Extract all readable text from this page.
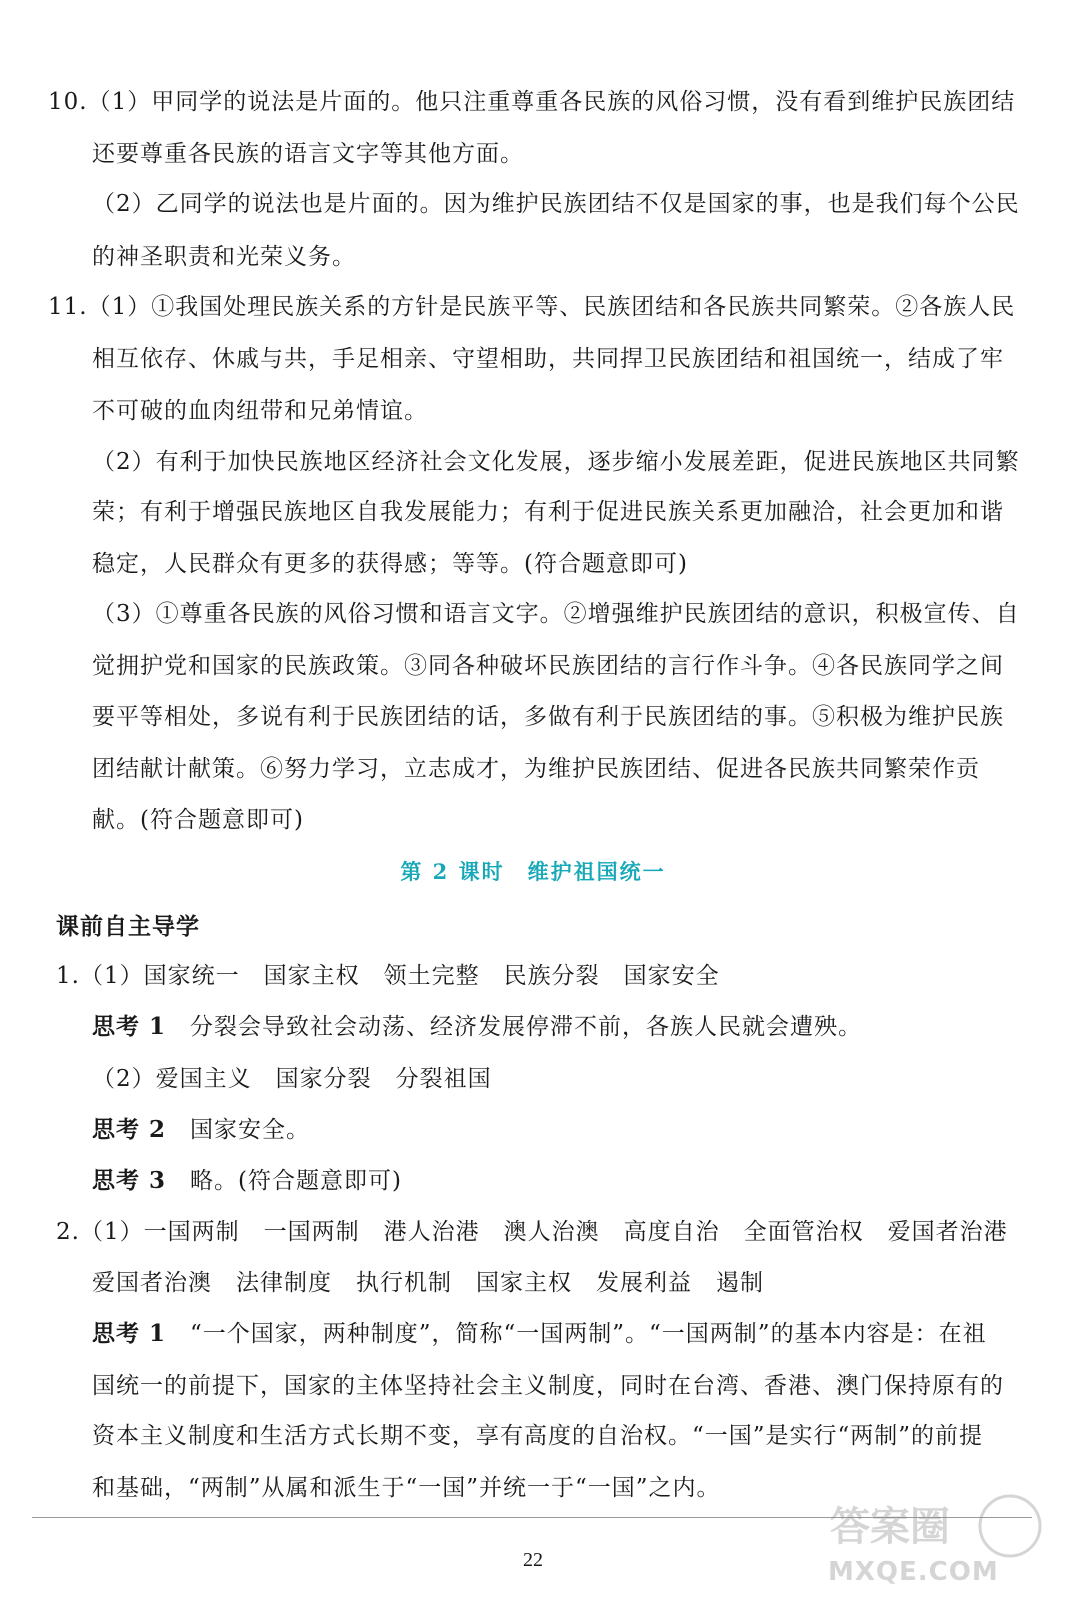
10.（1）甲同学的说法是片面的。他只注重尊重各民族的风俗习惯，没有看到维护民族团结
还要尊重各民族的语言文字等其他方面。
（2）乙同学的说法也是片面的。因为维护民族团结不仅是国家的事，也是我们每个公民
的神圣职责和光荣义务。
11.（1）①我国处理民族关系的方针是民族平等、民族团结和各民族共同繁荣。②各族人民
相互依存、休戚与共，手足相亲、守望相助，共同捍卫民族团结和祖国统一，结成了牢
不可破的血肉纽带和兄弟情谊。
（2）有利于加快民族地区经济社会文化发展，逐步缩小发展差距，促进民族地区共同繁
荣；有利于增强民族地区自我发展能力；有利于促进民族关系更加融洽，社会更加和谐
稳定，人民群众有更多的获得感；等等。(符合题意即可)
（3）①尊重各民族的风俗习惯和语言文字。②增强维护民族团结的意识，积极宣传、自
觉拥护党和国家的民族政策。③同各种破坏民族团结的言行作斗争。④各民族同学之间
要平等相处，多说有利于民族团结的话，多做有利于民族团结的事。⑤积极为维护民族
团结献计献策。⑥努力学习，立志成才，为维护民族团结、促进各民族共同繁荣作贡
献。(符合题意即可)
第 2 课时　维护祖国统一
课前自主导学
1.（1）国家统一　国家主权　领土完整　民族分裂　国家安全
思考 1　分裂会导致社会动荡、经济发展停滞不前，各族人民就会遭殃。
（2）爱国主义　国家分裂　分裂祖国
思考 2　国家安全。
思考 3　略。(符合题意即可)
2.（1）一国两制　一国两制　港人治港　澳人治澳　高度自治　全面管治权　爱国者治港
爱国者治澳　法律制度　执行机制　国家主权　发展利益　遏制
思考 1　“一个国家，两种制度”，简称“一国两制”。“一国两制”的基本内容是：在祖
国统一的前提下，国家的主体坚持社会主义制度，同时在台湾、香港、澳门保持原有的
资本主义制度和生活方式长期不变，享有高度的自治权。“一国”是实行“两制”的前提
和基础，“两制”从属和派生于“一国”并统一于“一国”之内。
22
答案圈
MXQE.COM
